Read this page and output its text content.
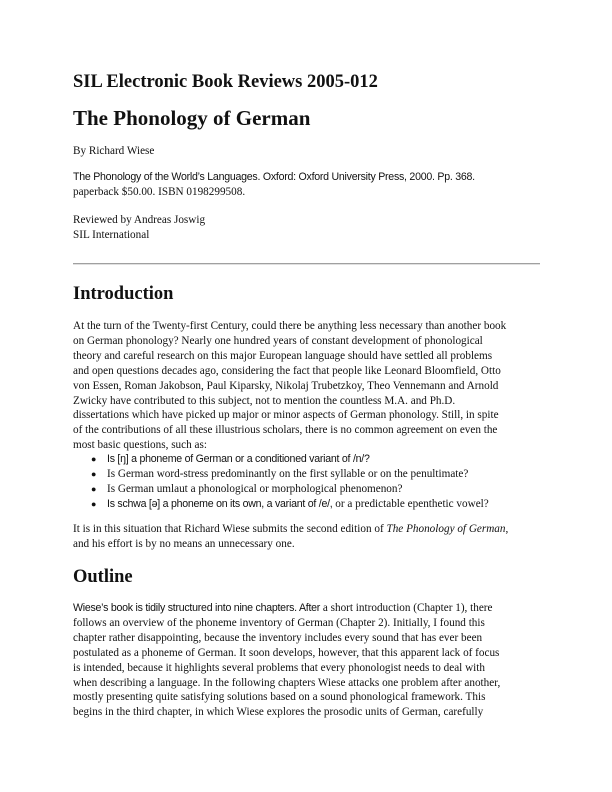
SIL Electronic Book Reviews 2005-012
The Phonology of German
By Richard Wiese
The Phonology of the World’s Languages. Oxford: Oxford University Press, 2000. Pp. 368.
paperback $50.00. ISBN 0198299508.
Reviewed by Andreas Joswig
SIL International
Introduction
At the turn of the Twenty-first Century, could there be anything less necessary than another book
on German phonology? Nearly one hundred years of constant development of phonological
theory and careful research on this major European language should have settled all problems
and open questions decades ago, considering the fact that people like Leonard Bloomfield, Otto
von Essen, Roman Jakobson, Paul Kiparsky, Nikolaj Trubetzkoy, Theo Vennemann and Arnold
Zwicky have contributed to this subject, not to mention the countless M.A. and Ph.D.
dissertations which have picked up major or minor aspects of German phonology. Still, in spite
of the contributions of all these illustrious scholars, there is no common agreement on even the
most basic questions, such as:
● Is [ŋ] a phoneme of German or a conditioned variant of /n/?
● Is German word-stress predominantly on the first syllable or on the penultimate?
● Is German umlaut a phonological or morphological phenomenon?
● Is schwa [ə] a phoneme on its own, a variant of /e/, or a predictable epenthetic vowel?
It is in this situation that Richard Wiese submits the second edition of The Phonology of German,
and his effort is by no means an unnecessary one.
Outline
Wiese’s book is tidily structured into nine chapters. After a short introduction (Chapter 1), there
follows an overview of the phoneme inventory of German (Chapter 2). Initially, I found this
chapter rather disappointing, because the inventory includes every sound that has ever been
postulated as a phoneme of German. It soon develops, however, that this apparent lack of focus
is intended, because it highlights several problems that every phonologist needs to deal with
when describing a language. In the following chapters Wiese attacks one problem after another,
mostly presenting quite satisfying solutions based on a sound phonological framework. This
begins in the third chapter, in which Wiese explores the prosodic units of German, carefully
